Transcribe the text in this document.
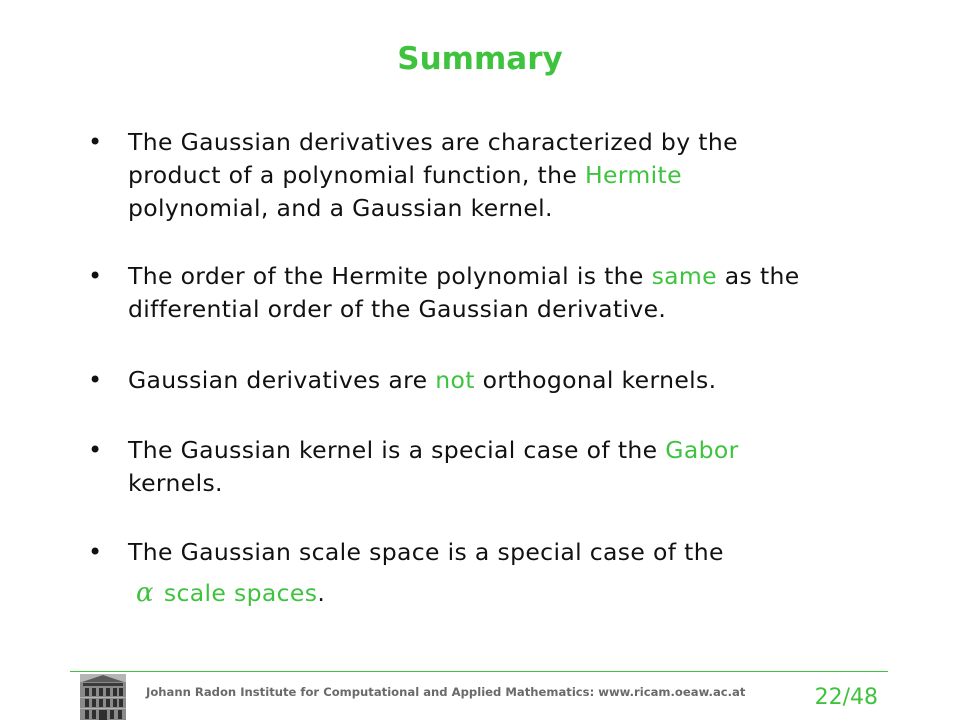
Summary
• The Gaussian derivatives are characterized by the
product of a polynomial function, the Hermite
polynomial, and a Gaussian kernel.
• The order of the Hermite polynomial is the same as the
differential order of the Gaussian derivative.
• Gaussian derivatives are not orthogonal kernels.
• The Gaussian kernel is a special case of the Gabor
kernels.
• The Gaussian scale space is a special case of the
α scale spaces.
Johann Radon Institute for Computational and Applied Mathematics: www.ricam.oeaw.ac.at	22/48
